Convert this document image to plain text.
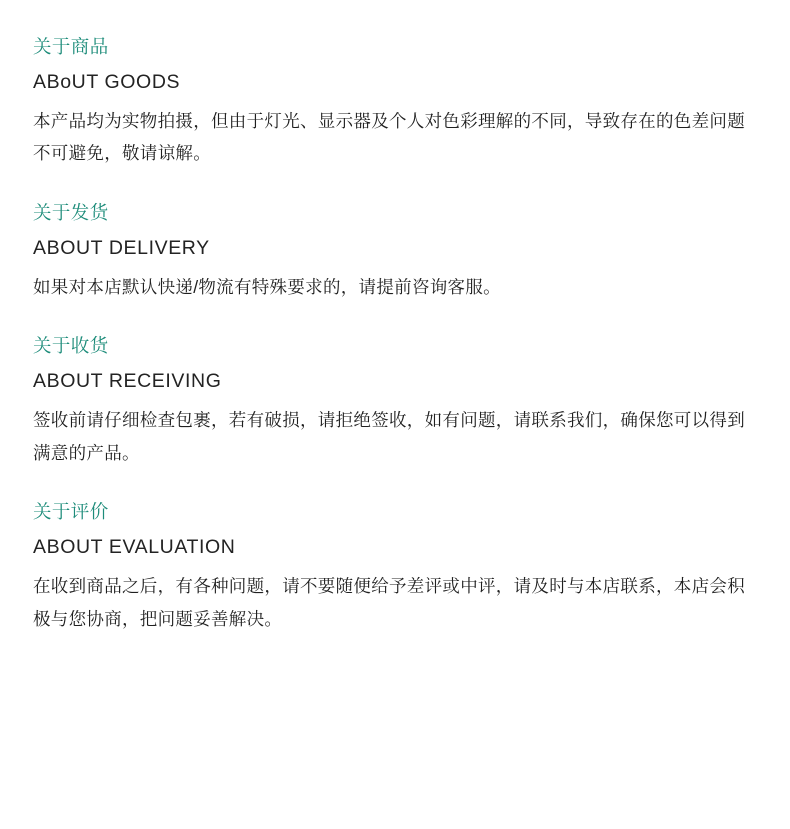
关于商品

ABoUT GOODS

本产品均为实物拍摄，但由于灯光、显示器及个人对色彩理解的不同，导致存在的色差问题不可避免，敬请谅解。

关于发货

ABOUT DELIVERY

如果对本店默认快递/物流有特殊要求的，请提前咨询客服。

关于收货

ABOUT RECEIVING

签收前请仔细检查包裹，若有破损，请拒绝签收，如有问题，请联系我们，确保您可以得到满意的产品。

关于评价

ABOUT EVALUATION

在收到商品之后，有各种问题，请不要随便给予差评或中评，请及时与本店联系，本店会积极与您协商，把问题妥善解决。
